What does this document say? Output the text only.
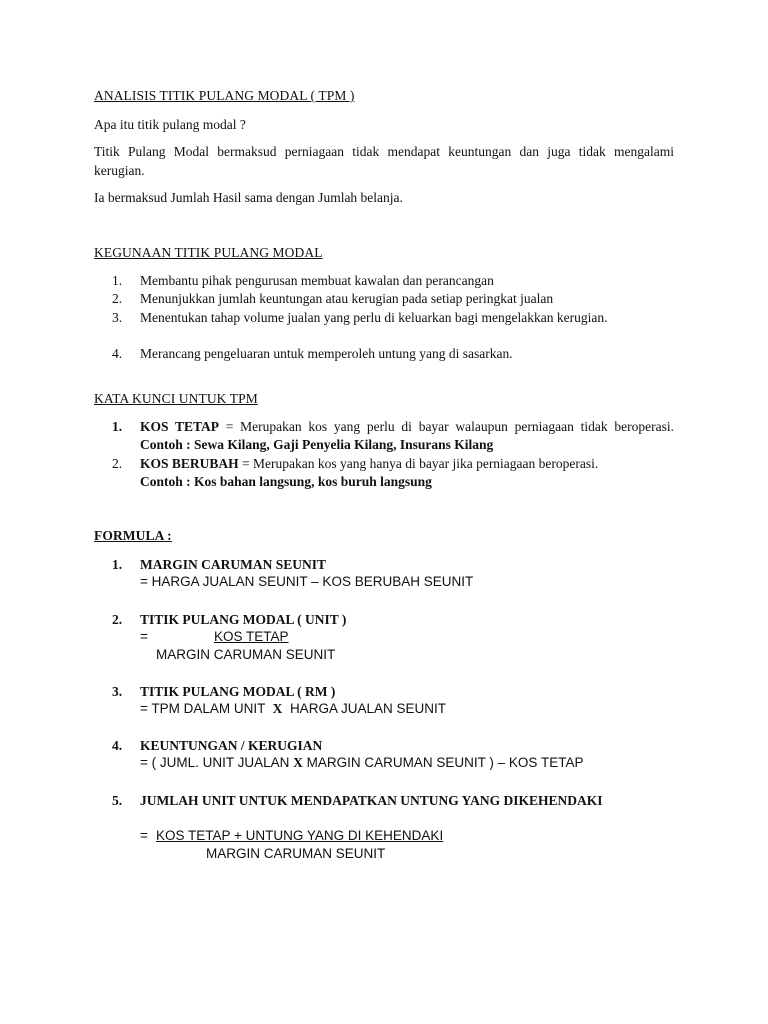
ANALISIS TITIK PULANG MODAL ( TPM )

Apa itu titik pulang modal ?

Titik Pulang Modal bermaksud perniagaan tidak mendapat keuntungan dan juga tidak mengalami kerugian.

Ia bermaksud Jumlah Hasil sama dengan Jumlah belanja.

KEGUNAAN TITIK PULANG MODAL
1.	Membantu pihak pengurusan membuat kawalan dan perancangan
2.	Menunjukkan jumlah keuntungan atau kerugian pada setiap peringkat jualan
3.	Menentukan tahap volume jualan yang perlu di keluarkan bagi mengelakkan kerugian.
4.	Merancang pengeluaran untuk memperoleh untung yang di sasarkan.
KATA KUNCI UNTUK TPM
1.	KOS TETAP = Merupakan kos yang perlu di bayar walaupun perniagaan tidak beroperasi. Contoh : Sewa Kilang, Gaji Penyelia Kilang, Insurans Kilang
2.	KOS BERUBAH = Merupakan kos yang hanya di bayar jika perniagaan beroperasi.
Contoh : Kos bahan langsung, kos buruh langsung
FORMULA :
1.	MARGIN CARUMAN SEUNIT
= HARGA JUALAN SEUNIT – KOS BERUBAH SEUNIT
2.	TITIK PULANG MODAL ( UNIT )
=	KOS TETAP
MARGIN CARUMAN SEUNIT
3.	TITIK PULANG MODAL ( RM )
= TPM DALAM UNIT X HARGA JUALAN SEUNIT
4.	KEUNTUNGAN / KERUGIAN
= ( JUML. UNIT JUALAN X MARGIN CARUMAN SEUNIT ) – KOS TETAP
5.	JUMLAH UNIT UNTUK MENDAPATKAN UNTUNG YANG DIKEHENDAKI
= KOS TETAP + UNTUNG YANG DI KEHENDAKI
MARGIN CARUMAN SEUNIT
